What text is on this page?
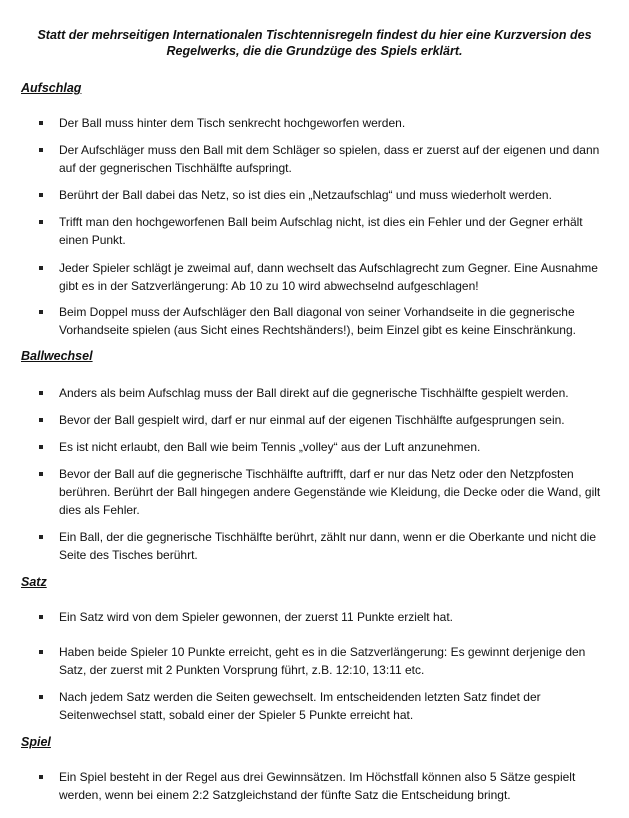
Statt der mehrseitigen Internationalen Tischtennisregeln findest du hier eine Kurzversion des Regelwerks, die die Grundzüge des Spiels erklärt.
Aufschlag
Der Ball muss hinter dem Tisch senkrecht hochgeworfen werden.
Der Aufschläger muss den Ball mit dem Schläger so spielen, dass er zuerst auf der eigenen und dann auf der gegnerischen Tischhälfte aufspringt.
Berührt der Ball dabei das Netz, so ist dies ein „Netzaufschlag“ und muss wiederholt werden.
Trifft man den hochgeworfenen Ball beim Aufschlag nicht, ist dies ein Fehler und der Gegner erhält einen Punkt.
Jeder Spieler schlägt je zweimal auf, dann wechselt das Aufschlagrecht zum Gegner. Eine Ausnahme gibt es in der Satzverlängerung: Ab 10 zu 10 wird abwechselnd aufgeschlagen!
Beim Doppel muss der Aufschläger den Ball diagonal von seiner Vorhandseite in die gegnerische Vorhandseite spielen (aus Sicht eines Rechtshänders!), beim Einzel gibt es keine Einschränkung.
Ballwechsel
Anders als beim Aufschlag muss der Ball direkt auf die gegnerische Tischhälfte gespielt werden.
Bevor der Ball gespielt wird, darf er nur einmal auf der eigenen Tischhälfte aufgesprungen sein.
Es ist nicht erlaubt, den Ball wie beim Tennis „volley“ aus der Luft anzunehmen.
Bevor der Ball auf die gegnerische Tischhälfte auftrifft, darf er nur das Netz oder den Netzpfosten berühren. Berührt der Ball hingegen andere Gegenstände wie Kleidung, die Decke oder die Wand, gilt dies als Fehler.
Ein Ball, der die gegnerische Tischhälfte berührt, zählt nur dann, wenn er die Oberkante und nicht die Seite des Tisches berührt.
Satz
Ein Satz wird von dem Spieler gewonnen, der zuerst 11 Punkte erzielt hat.
Haben beide Spieler 10 Punkte erreicht, geht es in die Satzverlängerung: Es gewinnt derjenige den Satz, der zuerst mit 2 Punkten Vorsprung führt, z.B. 12:10, 13:11 etc.
Nach jedem Satz werden die Seiten gewechselt. Im entscheidenden letzten Satz findet der Seitenwechsel statt, sobald einer der Spieler 5 Punkte erreicht hat.
Spiel
Ein Spiel besteht in der Regel aus drei Gewinnsätzen. Im Höchstfall können also 5 Sätze gespielt werden, wenn bei einem 2:2 Satzgleichstand der fünfte Satz die Entscheidung bringt.
